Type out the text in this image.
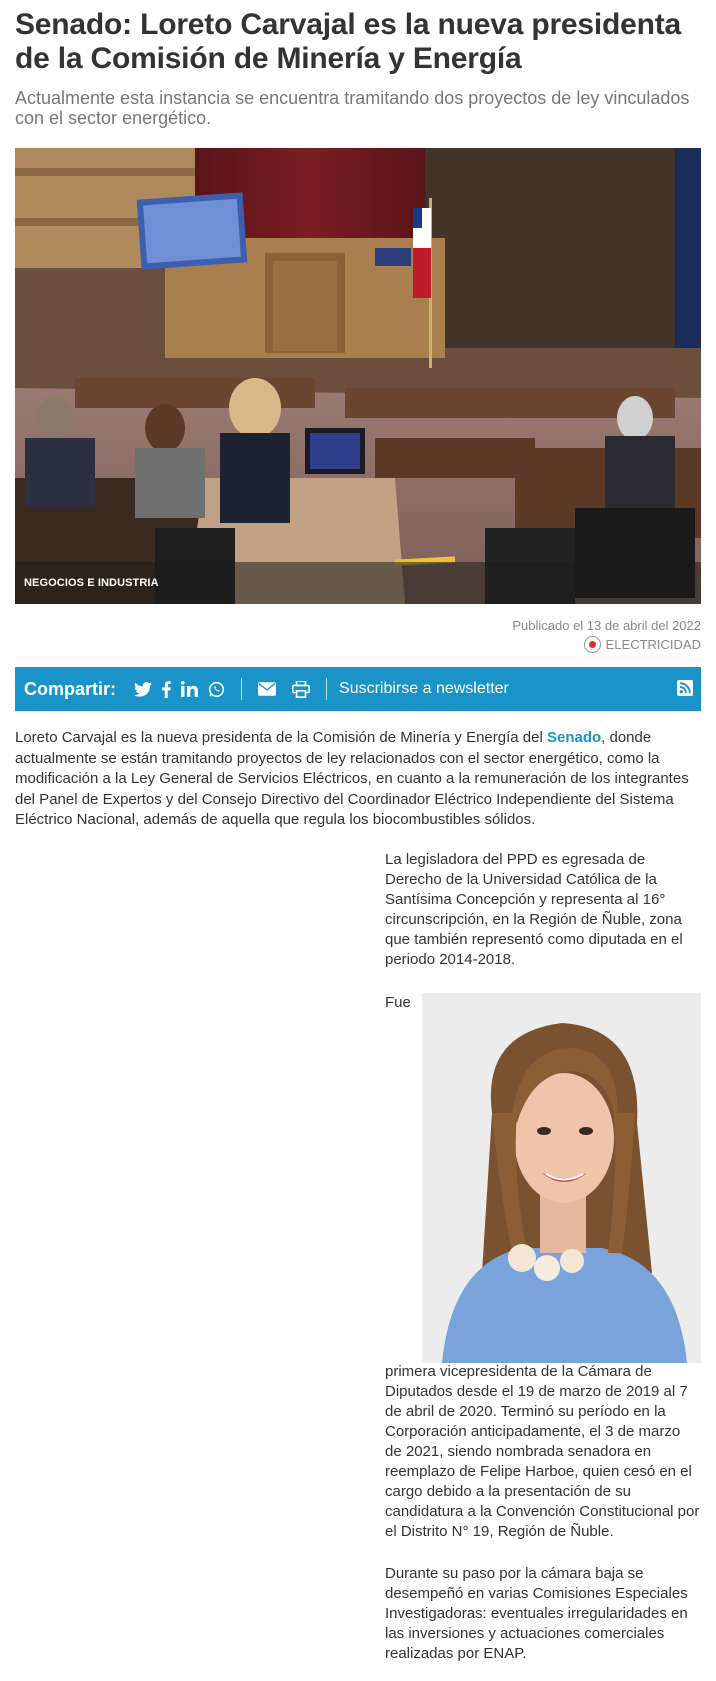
Senado: Loreto Carvajal es la nueva presidenta de la Comisión de Minería y Energía

Actualmente esta instancia se encuentra tramitando dos proyectos de ley vinculados con el sector energético.

NEGOCIOS E INDUSTRIA
Publicado el 13 de abril del 2022
ELECTRICIDAD
Compartir:	Suscribirse a newsletter

Loreto Carvajal es la nueva presidenta de la Comisión de Minería y Energía del Senado, donde actualmente se están tramitando proyectos de ley relacionados con el sector energético, como la modificación a la Ley General de Servicios Eléctricos, en cuanto a la remuneración de los integrantes del Panel de Expertos y del Consejo Directivo del Coordinador Eléctrico Independiente del Sistema Eléctrico Nacional, además de aquella que regula los biocombustibles sólidos.

La legisladora del PPD es egresada de Derecho de la Universidad Católica de la Santísima Concepción y representa al 16° circunscripción, en la Región de Ñuble, zona que también representó como diputada en el periodo 2014-2018.

Fue

primera vicepresidenta de la Cámara de Diputados desde el 19 de marzo de 2019 al 7 de abril de 2020. Terminó su período en la Corporación anticipadamente, el 3 de marzo de 2021, siendo nombrada senadora en reemplazo de Felipe Harboe, quien cesó en el cargo debido a la presentación de su candidatura a la Convención Constitucional por el Distrito N° 19, Región de Ñuble.

Durante su paso por la cámara baja se desempeñó en varias Comisiones Especiales Investigadoras: eventuales irregularidades en las inversiones y actuaciones comerciales realizadas por ENAP.
